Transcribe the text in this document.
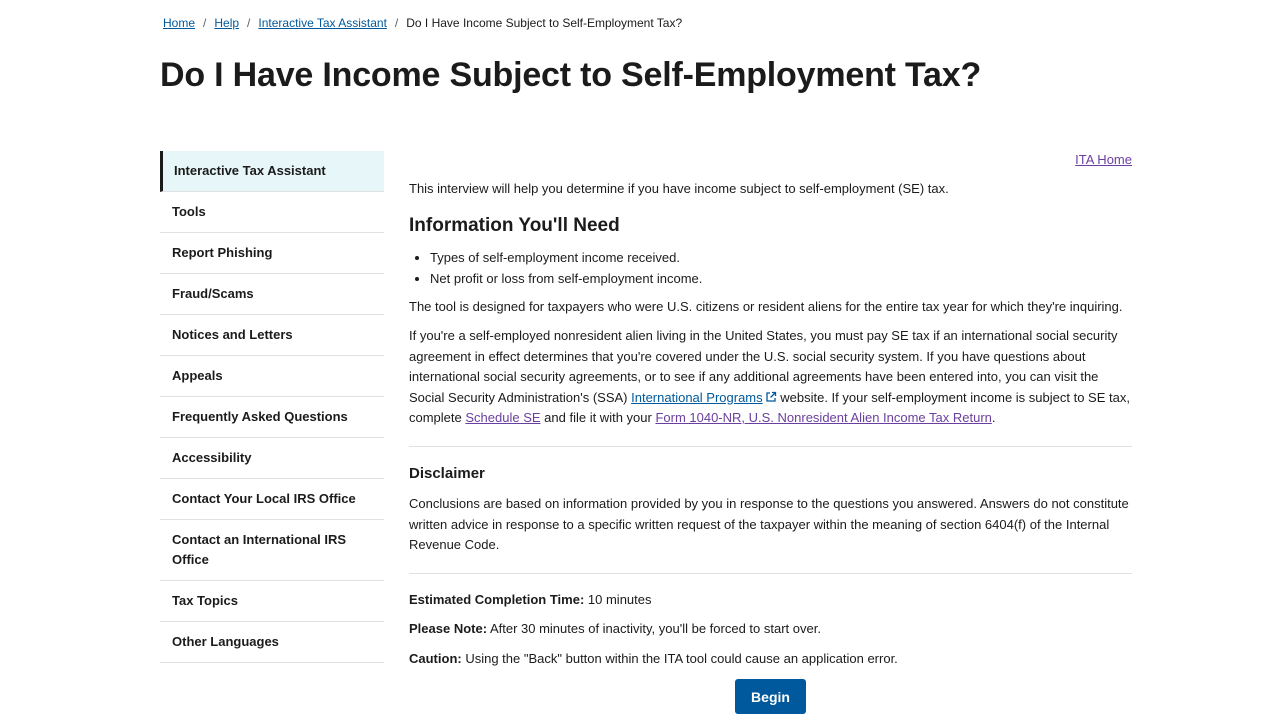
Home / Help / Interactive Tax Assistant / Do I Have Income Subject to Self-Employment Tax?
Do I Have Income Subject to Self-Employment Tax?
Interactive Tax Assistant
Tools
Report Phishing
Fraud/Scams
Notices and Letters
Appeals
Frequently Asked Questions
Accessibility
Contact Your Local IRS Office
Contact an International IRS Office
Tax Topics
Other Languages
ITA Home

This interview will help you determine if you have income subject to self-employment (SE) tax.

Information You'll Need
• Types of self-employment income received.
• Net profit or loss from self-employment income.

The tool is designed for taxpayers who were U.S. citizens or resident aliens for the entire tax year for which they're inquiring.

If you're a self-employed nonresident alien living in the United States, you must pay SE tax if an international social security agreement in effect determines that you're covered under the U.S. social security system. If you have questions about international social security agreements, or to see if any additional agreements have been entered into, you can visit the Social Security Administration's (SSA) International Programs website. If your self-employment income is subject to SE tax, complete Schedule SE and file it with your Form 1040-NR, U.S. Nonresident Alien Income Tax Return.

Disclaimer

Conclusions are based on information provided by you in response to the questions you answered. Answers do not constitute written advice in response to a specific written request of the taxpayer within the meaning of section 6404(f) of the Internal Revenue Code.

Estimated Completion Time: 10 minutes

Please Note: After 30 minutes of inactivity, you'll be forced to start over.

Caution: Using the "Back" button within the ITA tool could cause an application error.

Begin
